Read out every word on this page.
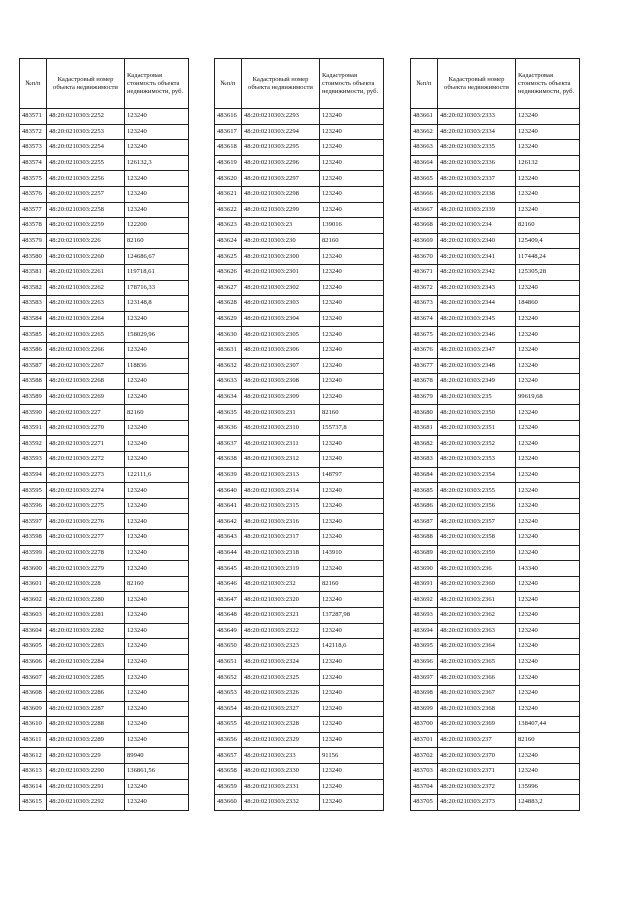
№п/п	Кадастровый номер объекта недвижимости	Кадастровая стоимость объекта недвижимости, руб.
483571	48:20:0210303:2252	123240
483572	48:20:0210303:2253	123240
483573	48:20:0210303:2254	123240
483574	48:20:0210303:2255	126132,3
483575	48:20:0210303:2256	123240
483576	48:20:0210303:2257	123240
483577	48:20:0210303:2258	123240
483578	48:20:0210303:2259	122200
483579	48:20:0210303:226	82160
483580	48:20:0210303:2260	124686,67
483581	48:20:0210303:2261	119718,61
483582	48:20:0210303:2262	178716,33
483583	48:20:0210303:2263	123148,8
483584	48:20:0210303:2264	123240
483585	48:20:0210303:2265	158029,96
483586	48:20:0210303:2266	123240
483587	48:20:0210303:2267	118836
483588	48:20:0210303:2268	123240
483589	48:20:0210303:2269	123240
483590	48:20:0210303:227	82160
483591	48:20:0210303:2270	123240
483592	48:20:0210303:2271	123240
483593	48:20:0210303:2272	123240
483594	48:20:0210303:2273	122111,6
483595	48:20:0210303:2274	123240
483596	48:20:0210303:2275	123240
483597	48:20:0210303:2276	123240
483598	48:20:0210303:2277	123240
483599	48:20:0210303:2278	123240
483600	48:20:0210303:2279	123240
483601	48:20:0210303:228	82160
483602	48:20:0210303:2280	123240
483603	48:20:0210303:2281	123240
483604	48:20:0210303:2282	123240
483605	48:20:0210303:2283	123240
483606	48:20:0210303:2284	123240
483607	48:20:0210303:2285	123240
483608	48:20:0210303:2286	123240
483609	48:20:0210303:2287	123240
483610	48:20:0210303:2288	123240
483611	48:20:0210303:2289	123240
483612	48:20:0210303:229	89940
483613	48:20:0210303:2290	136861,56
483614	48:20:0210303:2291	123240
483615	48:20:0210303:2292	123240
№п/п	Кадастровый номер объекта недвижимости	Кадастровая стоимость объекта недвижимости, руб.
483616	48:20:0210303:2293	123240
483617	48:20:0210303:2294	123240
483618	48:20:0210303:2295	123240
483619	48:20:0210303:2296	123240
483620	48:20:0210303:2297	123240
483621	48:20:0210303:2298	123240
483622	48:20:0210303:2299	123240
483623	48:20:0210303:23	139016
483624	48:20:0210303:230	82160
483625	48:20:0210303:2300	123240
483626	48:20:0210303:2301	123240
483627	48:20:0210303:2302	123240
483628	48:20:0210303:2303	123240
483629	48:20:0210303:2304	123240
483630	48:20:0210303:2305	123240
483631	48:20:0210303:2306	123240
483632	48:20:0210303:2307	123240
483633	48:20:0210303:2308	123240
483634	48:20:0210303:2309	123240
483635	48:20:0210303:231	82160
483636	48:20:0210303:2310	155737,8
483637	48:20:0210303:2311	123240
483638	48:20:0210303:2312	123240
483639	48:20:0210303:2313	148797
483640	48:20:0210303:2314	123240
483641	48:20:0210303:2315	123240
483642	48:20:0210303:2316	123240
483643	48:20:0210303:2317	123240
483644	48:20:0210303:2318	143910
483645	48:20:0210303:2319	123240
483646	48:20:0210303:232	82160
483647	48:20:0210303:2320	123240
483648	48:20:0210303:2321	137287,98
483649	48:20:0210303:2322	123240
483650	48:20:0210303:2323	142118,6
483651	48:20:0210303:2324	123240
483652	48:20:0210303:2325	123240
483653	48:20:0210303:2326	123240
483654	48:20:0210303:2327	123240
483655	48:20:0210303:2328	123240
483656	48:20:0210303:2329	123240
483657	48:20:0210303:233	91156
483658	48:20:0210303:2330	123240
483659	48:20:0210303:2331	123240
483660	48:20:0210303:2332	123240
№п/п	Кадастровый номер объекта недвижимости	Кадастровая стоимость объекта недвижимости, руб.
483661	48:20:0210303:2333	123240
483662	48:20:0210303:2334	123240
483663	48:20:0210303:2335	123240
483664	48:20:0210303:2336	126132
483665	48:20:0210303:2337	123240
483666	48:20:0210303:2338	123240
483667	48:20:0210303:2339	123240
483668	48:20:0210303:234	82160
483669	48:20:0210303:2340	125409,4
483670	48:20:0210303:2341	117448,24
483671	48:20:0210303:2342	125305,28
483672	48:20:0210303:2343	123240
483673	48:20:0210303:2344	184860
483674	48:20:0210303:2345	123240
483675	48:20:0210303:2346	123240
483676	48:20:0210303:2347	123240
483677	48:20:0210303:2348	123240
483678	48:20:0210303:2349	123240
483679	48:20:0210303:235	99619,68
483680	48:20:0210303:2350	123240
483681	48:20:0210303:2351	123240
483682	48:20:0210303:2352	123240
483683	48:20:0210303:2353	123240
483684	48:20:0210303:2354	123240
483685	48:20:0210303:2355	123240
483686	48:20:0210303:2356	123240
483687	48:20:0210303:2357	123240
483688	48:20:0210303:2358	123240
483689	48:20:0210303:2359	123240
483690	48:20:0210303:236	143340
483691	48:20:0210303:2360	123240
483692	48:20:0210303:2361	123240
483693	48:20:0210303:2362	123240
483694	48:20:0210303:2363	123240
483695	48:20:0210303:2364	123240
483696	48:20:0210303:2365	123240
483697	48:20:0210303:2366	123240
483698	48:20:0210303:2367	123240
483699	48:20:0210303:2368	123240
483700	48:20:0210303:2369	138407,44
483701	48:20:0210303:237	82160
483702	48:20:0210303:2370	123240
483703	48:20:0210303:2371	123240
483704	48:20:0210303:2372	135996
483705	48:20:0210303:2373	124883,2
